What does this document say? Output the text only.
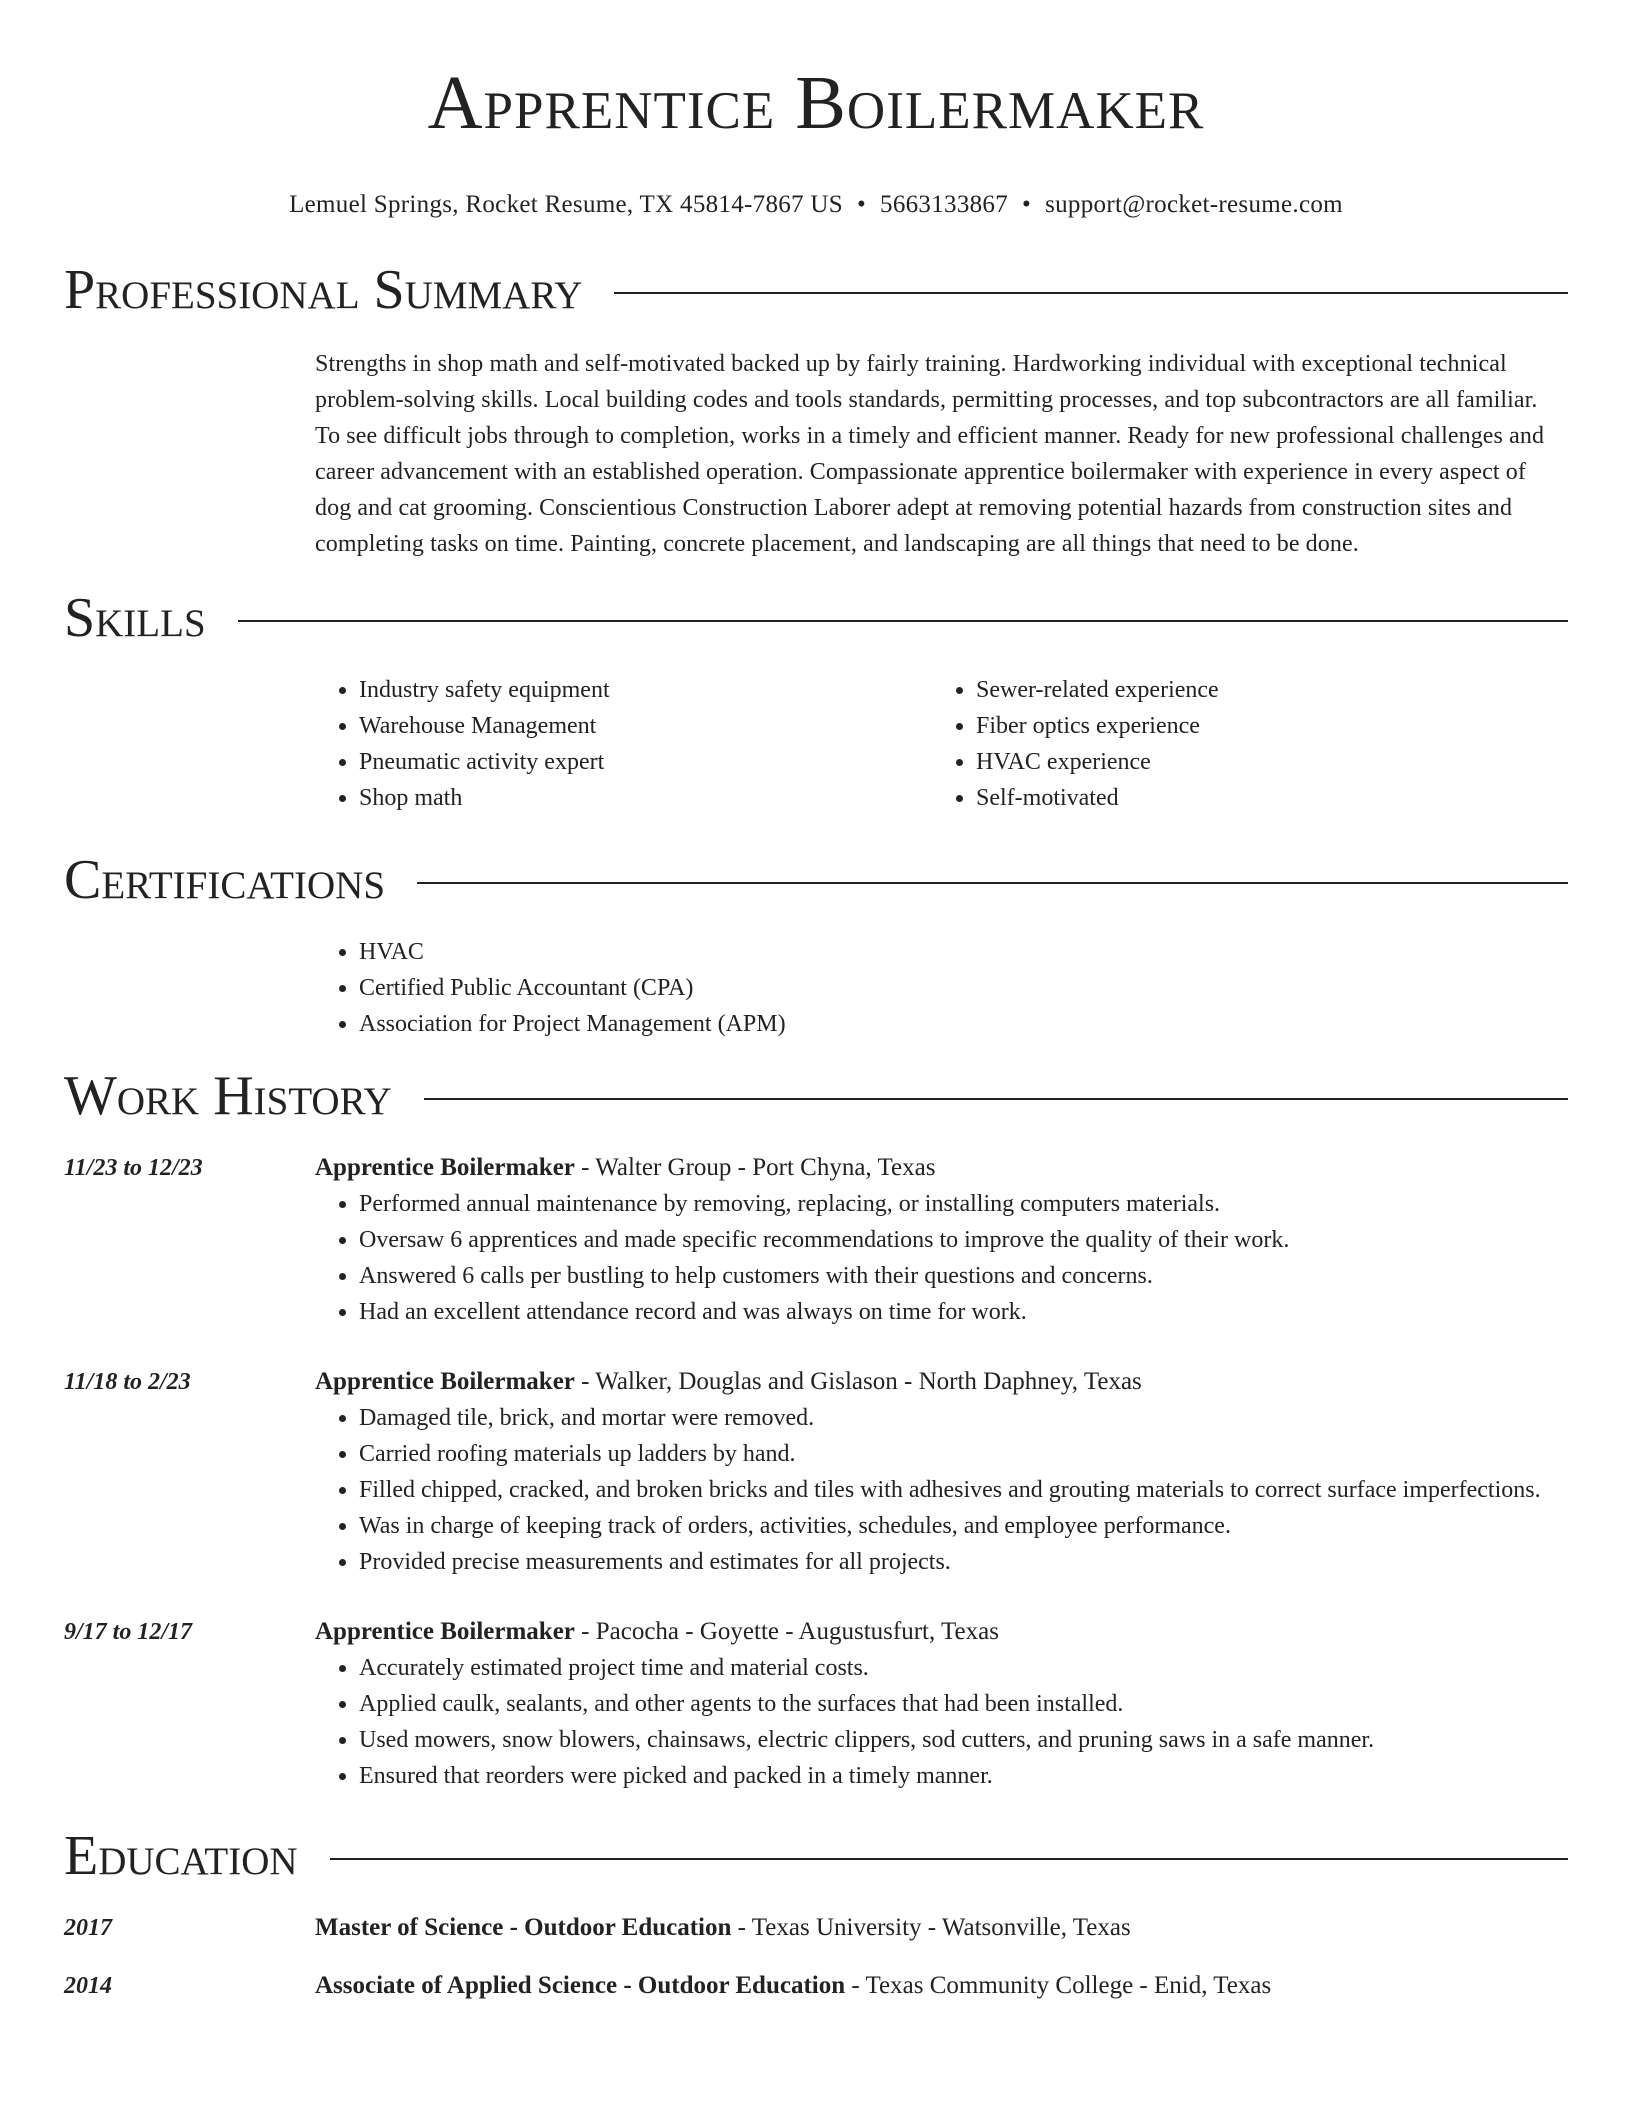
Apprentice Boilermaker
Lemuel Springs, Rocket Resume, TX 45814-7867 US • 5663133867 • support@rocket-resume.com
Professional Summary

Strengths in shop math and self-motivated backed up by fairly training. Hardworking individual with exceptional technical problem-solving skills. Local building codes and tools standards, permitting processes, and top subcontractors are all familiar. To see difficult jobs through to completion, works in a timely and efficient manner. Ready for new professional challenges and career advancement with an established operation. Compassionate apprentice boilermaker with experience in every aspect of dog and cat grooming. Conscientious Construction Laborer adept at removing potential hazards from construction sites and completing tasks on time. Painting, concrete placement, and landscaping are all things that need to be done.

Skills
• Industry safety equipment
• Warehouse Management
• Pneumatic activity expert
• Shop math
• Sewer-related experience
• Fiber optics experience
• HVAC experience
• Self-motivated
Certifications
• HVAC
• Certified Public Accountant (CPA)
• Association for Project Management (APM)
Work History
11/23 to 12/23	Apprentice Boilermaker - Walter Group - Port Chyna, Texas
• Performed annual maintenance by removing, replacing, or installing computers materials.
• Oversaw 6 apprentices and made specific recommendations to improve the quality of their work.
• Answered 6 calls per bustling to help customers with their questions and concerns.
• Had an excellent attendance record and was always on time for work.
11/18 to 2/23	Apprentice Boilermaker - Walker, Douglas and Gislason - North Daphney, Texas
• Damaged tile, brick, and mortar were removed.
• Carried roofing materials up ladders by hand.
• Filled chipped, cracked, and broken bricks and tiles with adhesives and grouting materials to correct surface imperfections.
• Was in charge of keeping track of orders, activities, schedules, and employee performance.
• Provided precise measurements and estimates for all projects.
9/17 to 12/17	Apprentice Boilermaker - Pacocha - Goyette - Augustusfurt, Texas
• Accurately estimated project time and material costs.
• Applied caulk, sealants, and other agents to the surfaces that had been installed.
• Used mowers, snow blowers, chainsaws, electric clippers, sod cutters, and pruning saws in a safe manner.
• Ensured that reorders were picked and packed in a timely manner.
Education
2017	Master of Science - Outdoor Education - Texas University - Watsonville, Texas
2014	Associate of Applied Science - Outdoor Education - Texas Community College - Enid, Texas
